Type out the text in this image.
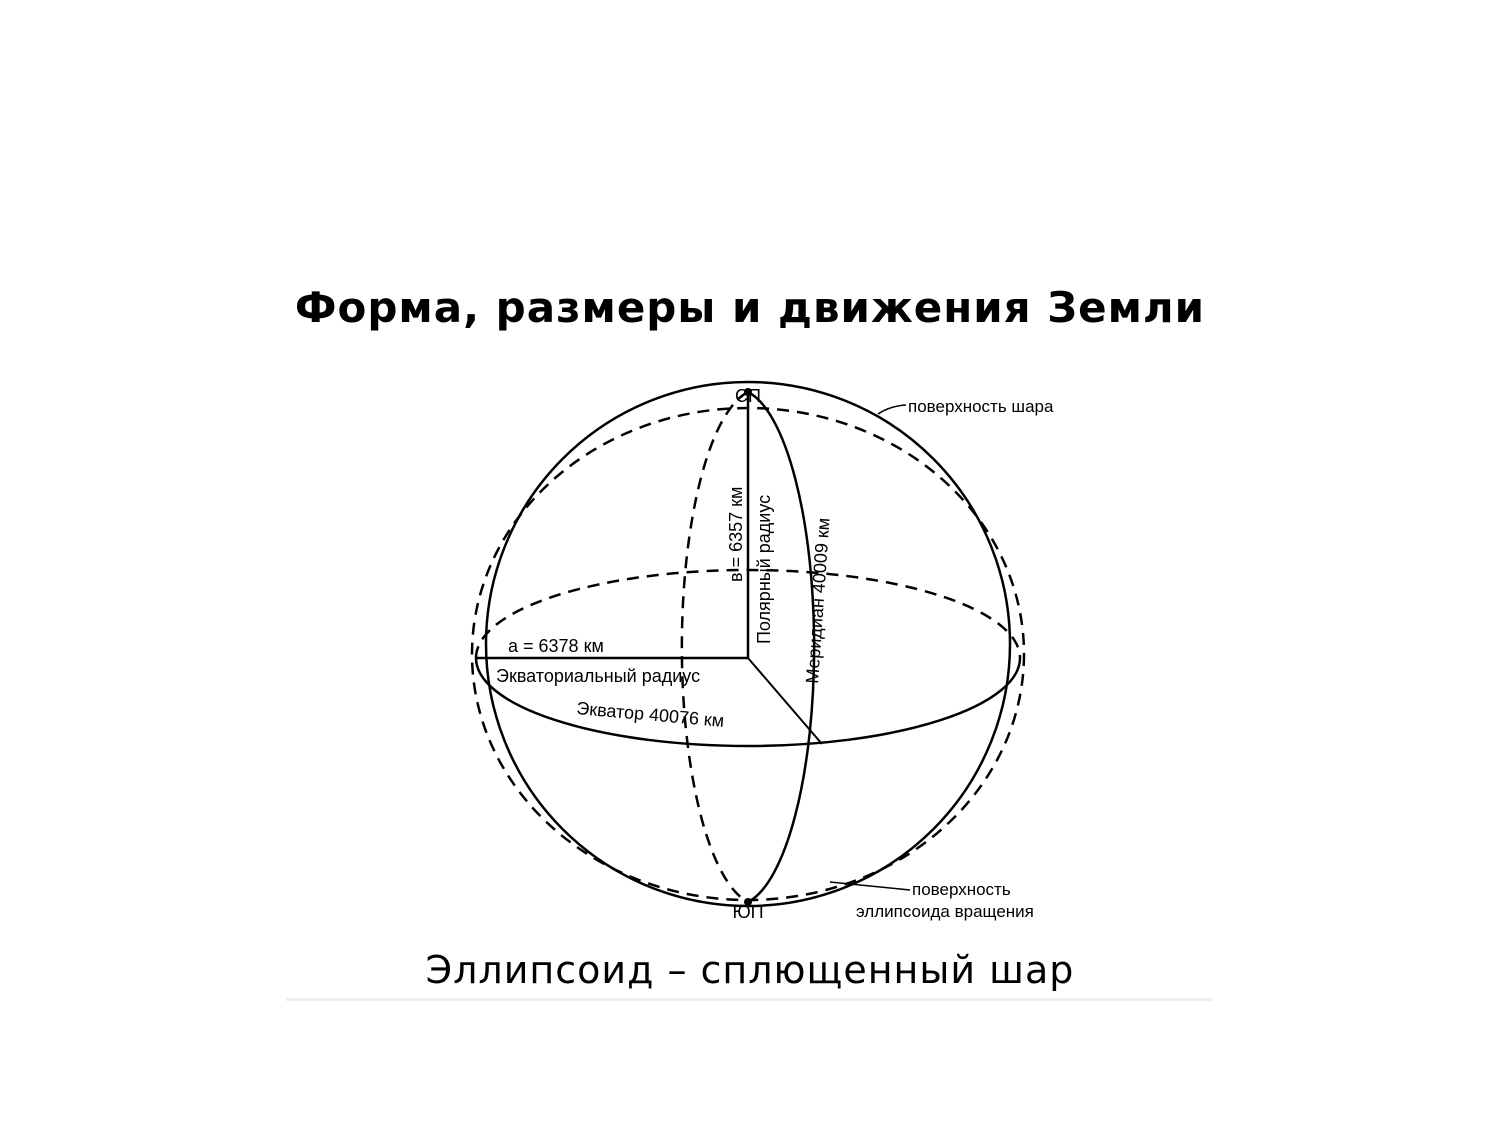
Форма, размеры и движения Земли
СП
ЮП
поверхность шара
поверхность
эллипсоида вращения
а = 6378 км
Экваториальный радиус
в = 6357 км Полярный радиус Меридиан 40009 км
Экватор 40076 км
Эллипсоид – сплющенный шар
